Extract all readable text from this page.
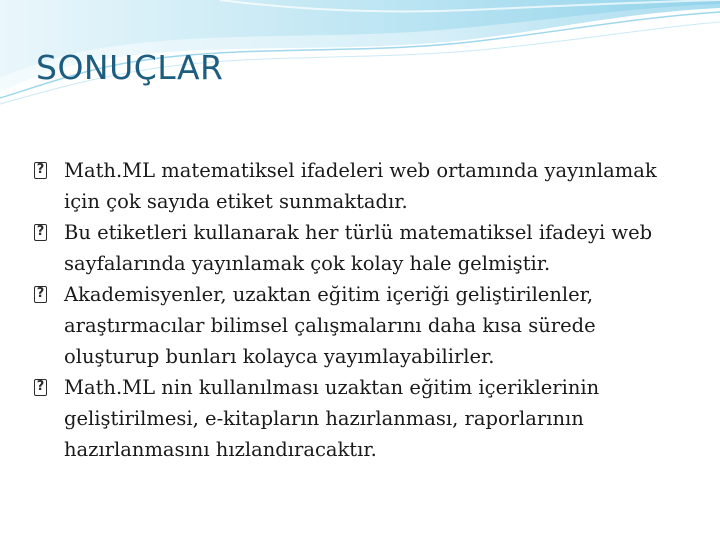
SONUÇLAR
? Math.ML matematiksel ifadeleri web ortamında yayınlamak için çok sayıda etiket sunmaktadır.
? Bu etiketleri kullanarak her türlü matematiksel ifadeyi web sayfalarında yayınlamak çok kolay hale gelmiştir.
? Akademisyenler, uzaktan eğitim içeriği geliştirilenler, araştırmacılar bilimsel çalışmalarını daha kısa sürede oluşturup bunları kolayca yayımlayabilirler.
? Math.ML nin kullanılması uzaktan eğitim içeriklerinin geliştirilmesi, e-kitapların hazırlanması, raporlarının hazırlanmasını hızlandıracaktır.
